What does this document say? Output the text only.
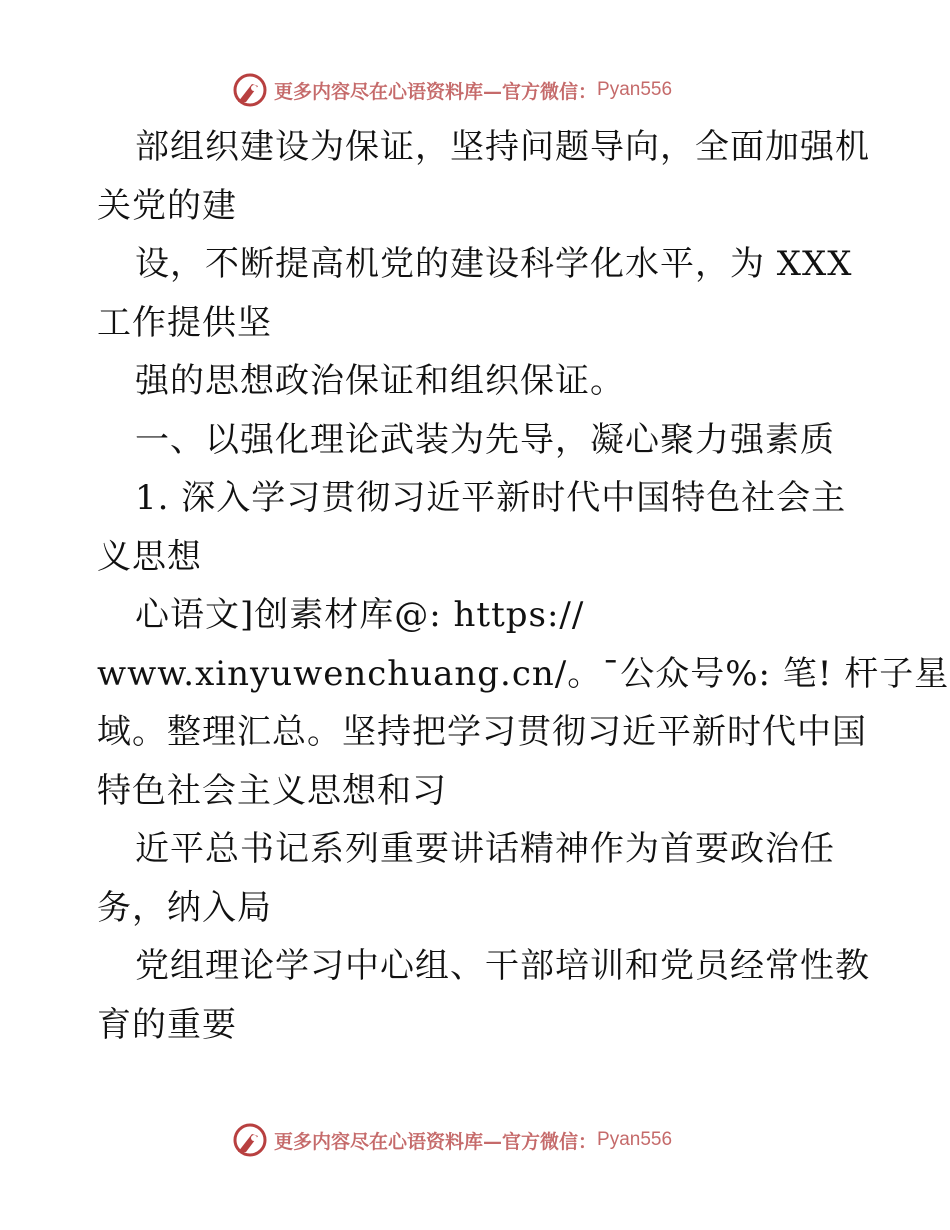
更多内容尽在心语资料库—官方微信： Pyan556
部组织建设为保证，坚持问题导向，全面加强机
关党的建
设，不断提高机党的建设科学化水平，为 XXX
工作提供坚
强的思想政治保证和组织保证。
一、以强化理论武装为先导，凝心聚力强素质
1. 深入学习贯彻习近平新时代中国特色社会主
义思想
心语文]创素材库@: https://
www.xinyuwenchuang.cn/。¯公众号%: 笔! 杆子星
域。整理汇总。坚持把学习贯彻习近平新时代中国
特色社会主义思想和习
近平总书记系列重要讲话精神作为首要政治任
务，纳入局
党组理论学习中心组、干部培训和党员经常性教
育的重要
更多内容尽在心语资料库—官方微信： Pyan556
